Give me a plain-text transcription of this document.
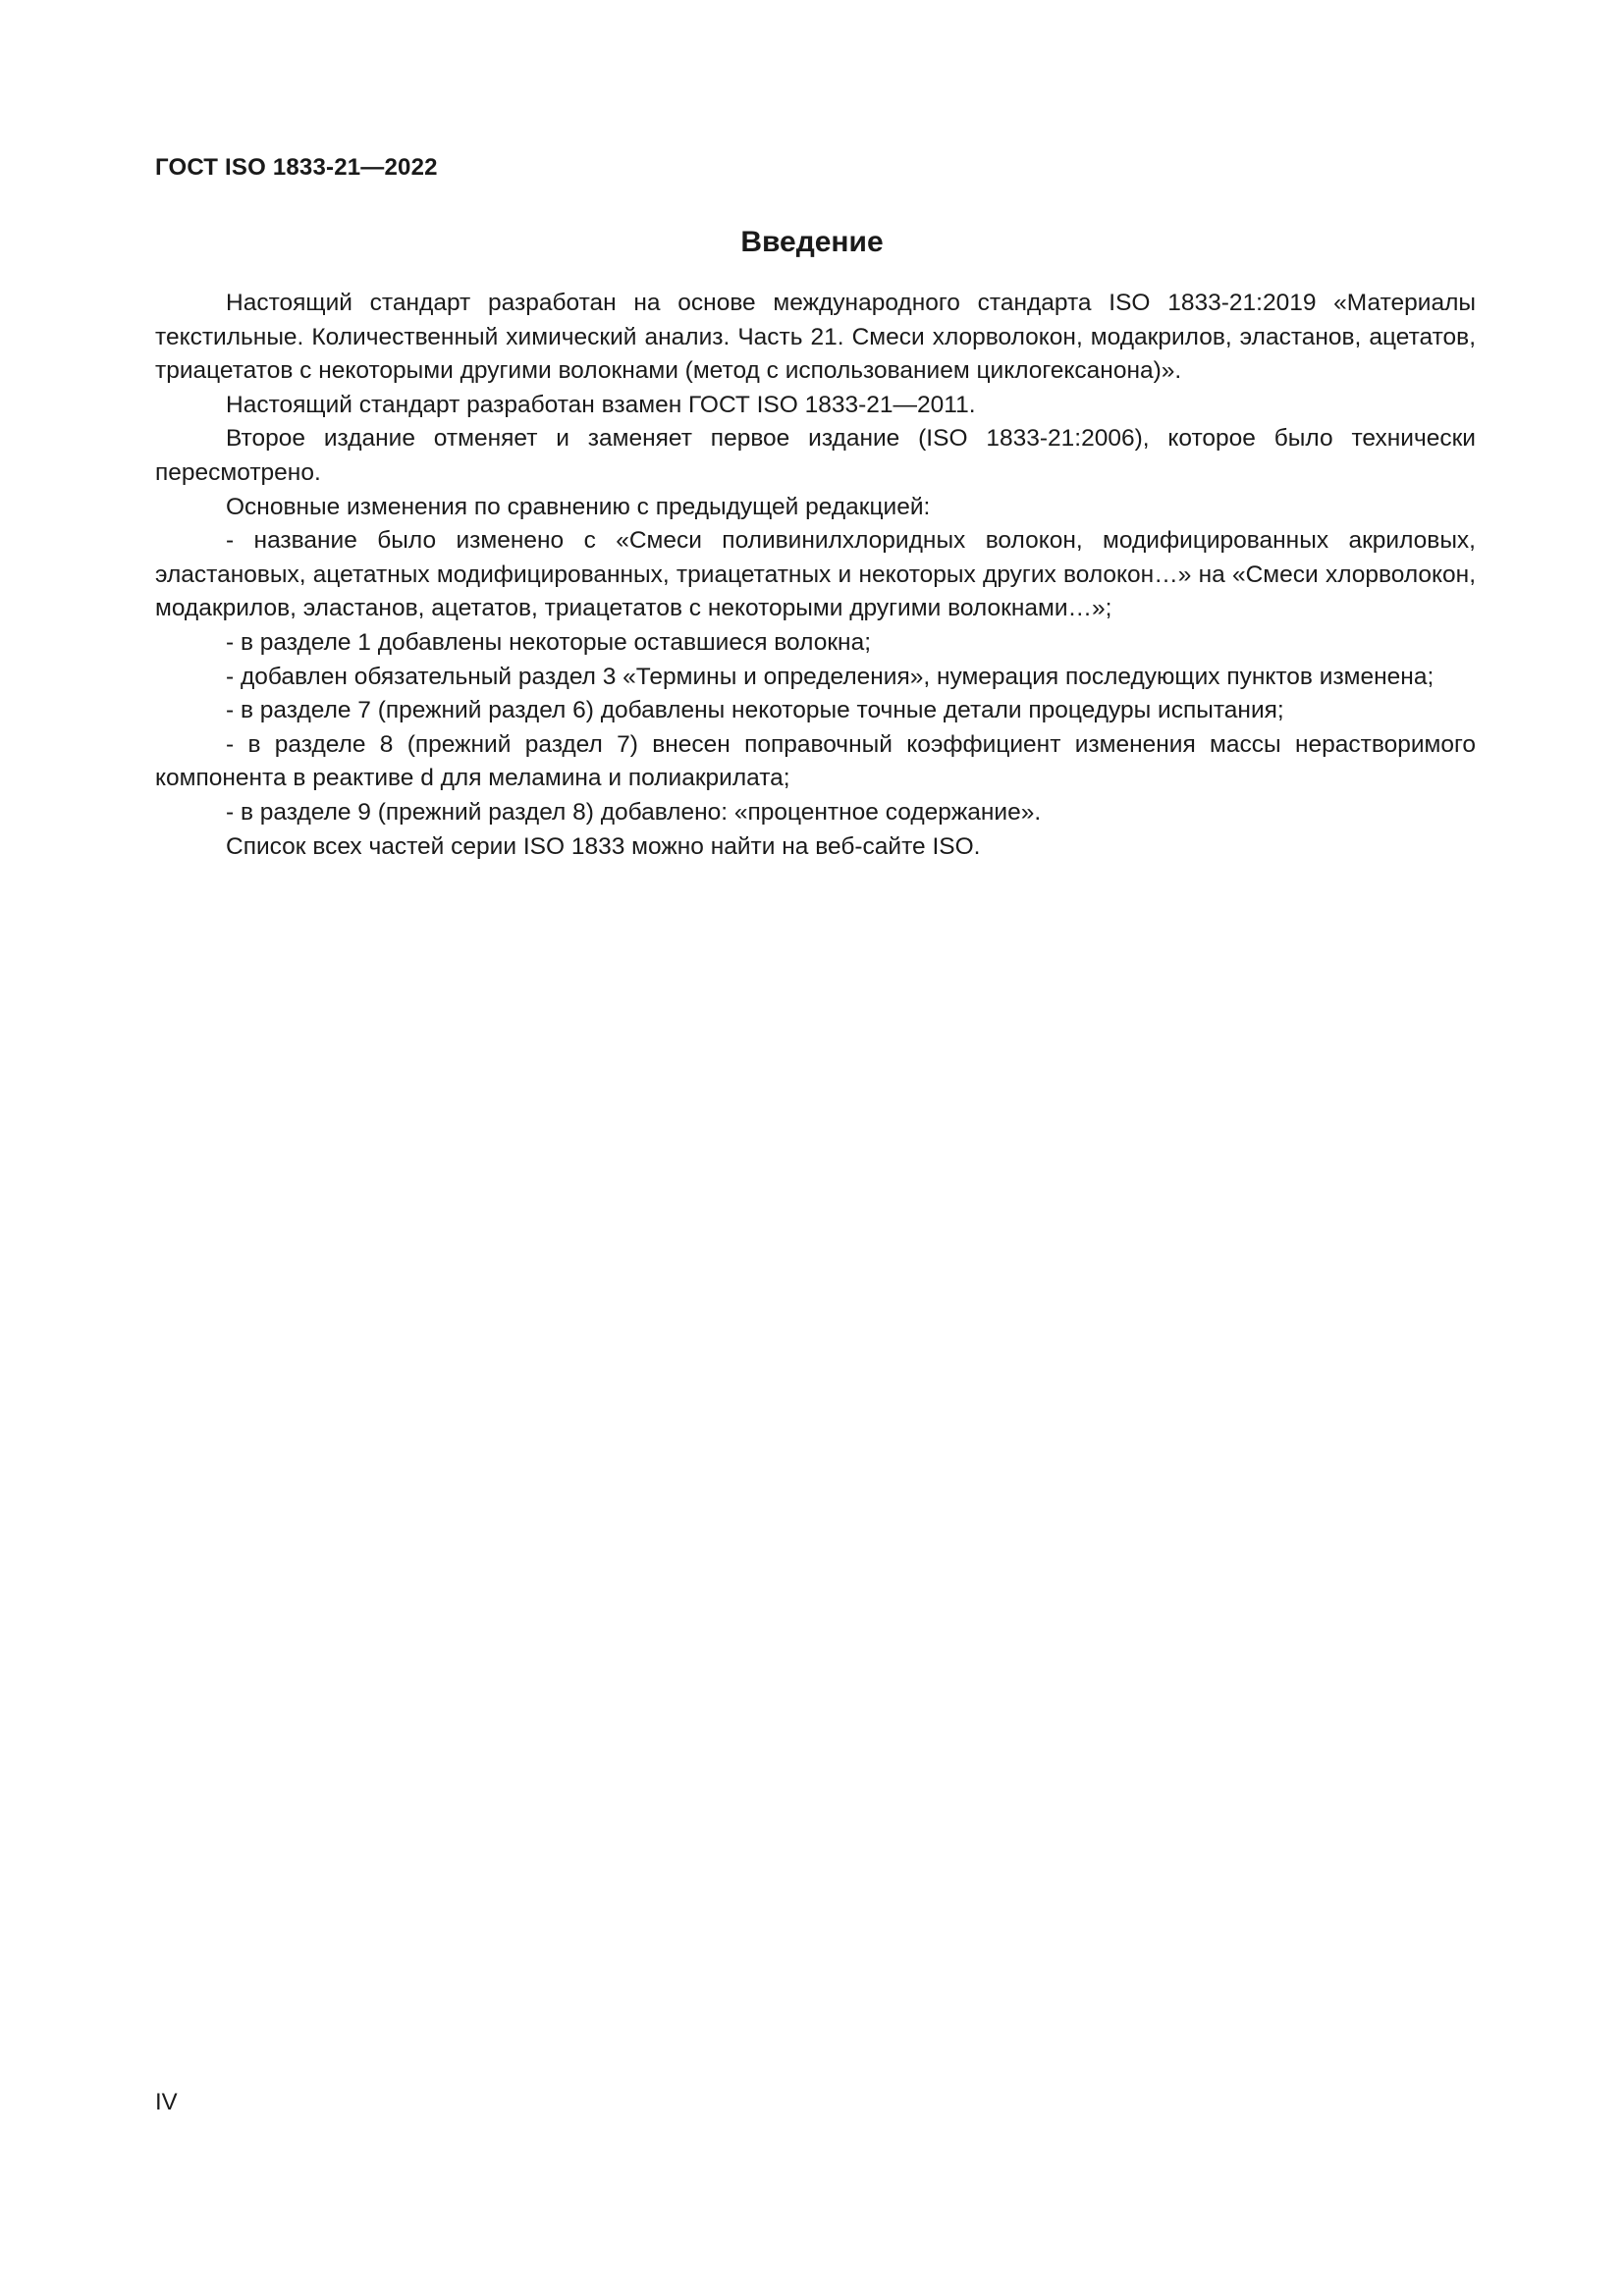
ГОСТ ISO 1833-21—2022
Введение

Настоящий стандарт разработан на основе международного стандарта ISO 1833-21:2019 «Материалы текстильные. Количественный химический анализ. Часть 21. Смеси хлорволокон, модакрилов, эластанов, ацетатов, триацетатов с некоторыми другими волокнами (метод с использованием циклогексанона)».

Настоящий стандарт разработан взамен ГОСТ ISO 1833-21—2011.

Второе издание отменяет и заменяет первое издание (ISO 1833-21:2006), которое было техничеcки пересмотрено.

Основные изменения по сравнению с предыдущей редакцией:

- название было изменено с «Смеси поливинилхлоридных волокон, модифицированных акриловых, эластановых, ацетатных модифицированных, триацетатных и некоторых других волокон…» на «Смеси хлорволокон, модакрилов, эластанов, ацетатов, триацетатов с некоторыми другими волокнами…»;

- в разделе 1 добавлены некоторые оставшиеся волокна;

- добавлен обязательный раздел 3 «Термины и определения», нумерация последующих пунктов изменена;

- в разделе 7 (прежний раздел 6) добавлены некоторые точные детали процедуры испытания;

- в разделе 8 (прежний раздел 7) внесен поправочный коэффициент изменения массы нерастворимого компонента в реактиве d для меламина и полиакрилата;

- в разделе 9 (прежний раздел 8) добавлено: «процентное содержание».

Список всех частей серии ISO 1833 можно найти на веб-сайте ISO.

IV
